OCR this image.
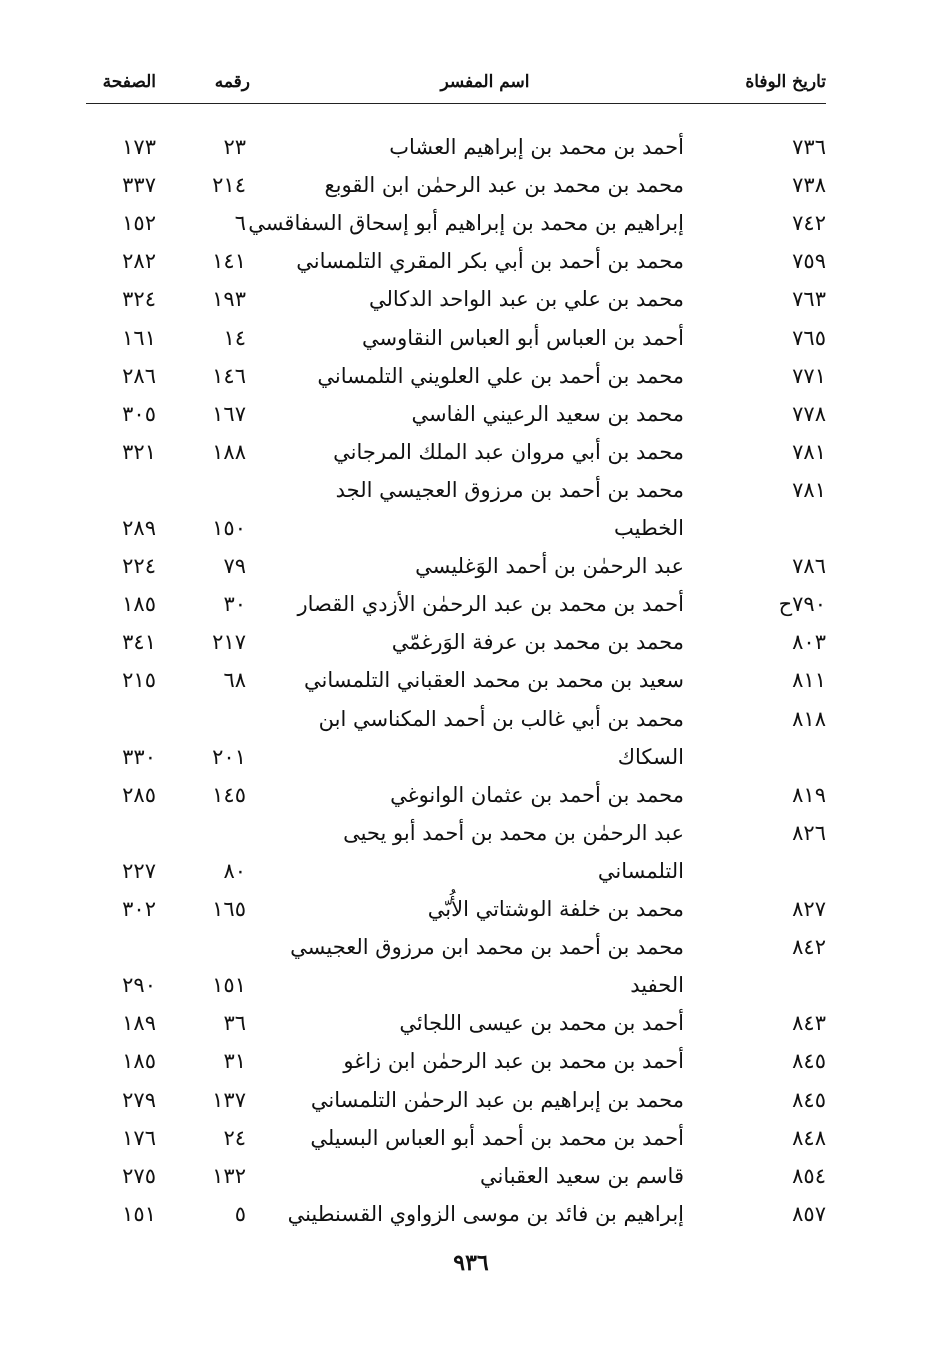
تاريخ الوفاة
اسم المفسر
رقمه
الصفحة
٧٣٦
أحمد بن محمد بن إبراهيم العشاب
٢٣
١٧٣
٧٣٨
محمد بن محمد بن عبد الرحمٰن ابن القوبع
٢١٤
٣٣٧
٧٤٢
إبراهيم بن محمد بن إبراهيم أبو إسحاق السفاقسي
٦
١٥٢
٧٥٩
محمد بن أحمد بن أبي بكر المقري التلمساني
١٤١
٢٨٢
٧٦٣
محمد بن علي بن عبد الواحد الدكالي
١٩٣
٣٢٤
٧٦٥
أحمد بن العباس أبو العباس النقاوسي
١٤
١٦١
٧٧١
محمد بن أحمد بن علي العلويني التلمساني
١٤٦
٢٨٦
٧٧٨
محمد بن سعيد الرعيني الفاسي
١٦٧
٣٠٥
٧٨١
محمد بن أبي مروان عبد الملك المرجاني
١٨٨
٣٢١
٧٨١
محمد بن أحمد بن مرزوق العجيسي الجد
الخطيب
١٥٠
٢٨٩
٧٨٦
عبد الرحمٰن بن أحمد الوَغليسي
٧٩
٢٢٤
٧٩٠ح
أحمد بن محمد بن عبد الرحمٰن الأزدي القصار
٣٠
١٨٥
٨٠٣
محمد بن محمد بن عرفة الوَرغمّي
٢١٧
٣٤١
٨١١
سعيد بن محمد بن محمد العقباني التلمساني
٦٨
٢١٥
٨١٨
محمد بن أبي غالب بن أحمد المكناسي ابن
السكاك
٢٠١
٣٣٠
٨١٩
محمد بن أحمد بن عثمان الوانوغي
١٤٥
٢٨٥
٨٢٦
عبد الرحمٰن بن محمد بن أحمد أبو يحيى
التلمساني
٨٠
٢٢٧
٨٢٧
محمد بن خلفة الوشتاتي الأُبّي
١٦٥
٣٠٢
٨٤٢
محمد بن أحمد بن محمد ابن مرزوق العجيسي
الحفيد
١٥١
٢٩٠
٨٤٣
أحمد بن محمد بن عيسى اللجائي
٣٦
١٨٩
٨٤٥
أحمد بن محمد بن عبد الرحمٰن ابن زاغو
٣١
١٨٥
٨٤٥
محمد بن إبراهيم بن عبد الرحمٰن التلمساني
١٣٧
٢٧٩
٨٤٨
أحمد بن محمد بن أحمد أبو العباس البسيلي
٢٤
١٧٦
٨٥٤
قاسم بن سعيد العقباني
١٣٢
٢٧٥
٨٥٧
إبراهيم بن فائد بن موسى الزواوي القسنطيني
٥
١٥١
٩٣٦
